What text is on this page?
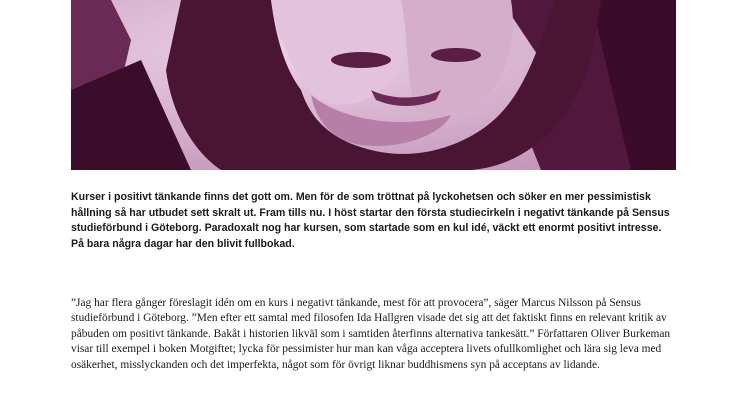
Kurser i positivt tänkande finns det gott om. Men för de som tröttnat på lyckohetsen och söker en mer pessimistisk hållning så har utbudet sett skralt ut. Fram tills nu. I höst startar den första studiecirkeln i negativt tänkande på Sensus studieförbund i Göteborg. Paradoxalt nog har kursen, som startade som en kul idé, väckt ett enormt positivt intresse. På bara några dagar har den blivit fullbokad.

”Jag har flera gånger föreslagit idén om en kurs i negativt tänkande, mest för att provocera”, säger Marcus Nilsson på Sensus studieförbund i Göteborg. ”Men efter ett samtal med filosofen Ida Hallgren visade det sig att det faktiskt finns en relevant kritik av påbuden om positivt tänkande. Bakåt i historien likväl som i samtiden återfinns alternativa tankesätt.” Författaren Oliver Burkeman visar till exempel i boken Motgiftet; lycka för pessimister hur man kan våga acceptera livets ofullkomlighet och lära sig leva med osäkerhet, misslyckanden och det imperfekta, något som för övrigt liknar buddhismens syn på acceptans av lidande.
